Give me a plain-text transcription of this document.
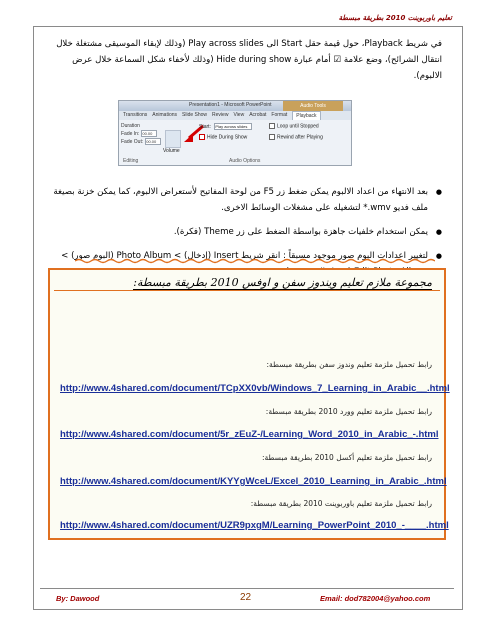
تعليم باوربوينت 2010 بطريقة مبسطة
في شريط Playback، حول قيمة حقل Start الى Play across slides (وذلك لإبقاء الموسيقى مشتغلة خلال انتقال الشرائح)، وضع علامة ☑ أمام عبارة Hide during show (وذلك لأخفاء شكل السماعة خلال عرض الالبوم).
Presentation1 - Microsoft PowerPoint	Audio Tools
Transitions Animations Slide Show Review View Acrobat Format	Playback
Duration
Fade In: 00.00
Fade Out: 00.00
Volume
Start: Play across slides
Hide During Show
Loop until Stopped
Rewind after Playing
Editing	Audio Options
● بعد الانتهاء من اعداد الالبوم يمكن ضغط زر F5 من لوحة المفاتيح لأستعراض الالبوم، كما يمكن خزنة بصيغة ملف فديو wmv.* لتشغيله على مشغلات الوسائط الاخرى.
● يمكن استخدام خلفيات جاهزة بواسطة الضغط على زر Theme (فكرة).
● لتغيير اعدادات البوم صور موجود مسبقاً : انقر شريط Insert (إدخال) > Photo Album (البوم صور) >
مجموعة ملازم تعليم ويندوز سفن و اوفس 2010 بطريقة مبسطة:
رابط تحميل ملزمة تعليم وندوز سفن بطريقة مبسطة:
http://www.4shared.com/document/TCpXX0vb/Windows_7_Learning_in_Arabic__.html
رابط تحميل ملزمة تعليم وورد 2010 بطريقة مبسطة:
http://www.4shared.com/document/5r_zEuZ-/Learning_Word_2010_in_Arabic_-.html
رابط تحميل ملزمة تعليم أكسل 2010 بطريقة مبسطة:
http://www.4shared.com/document/KYYgWceL/Excel_2010_Learning_in_Arabic_.html
رابط تحميل ملزمة تعليم باوربوينت 2010 بطريقة مبسطة:
http://www.4shared.com/document/UZR9pxgM/Learning_PowerPoint_2010_-____.html
By: Dawood	22	Email: dod782004@yahoo.com
